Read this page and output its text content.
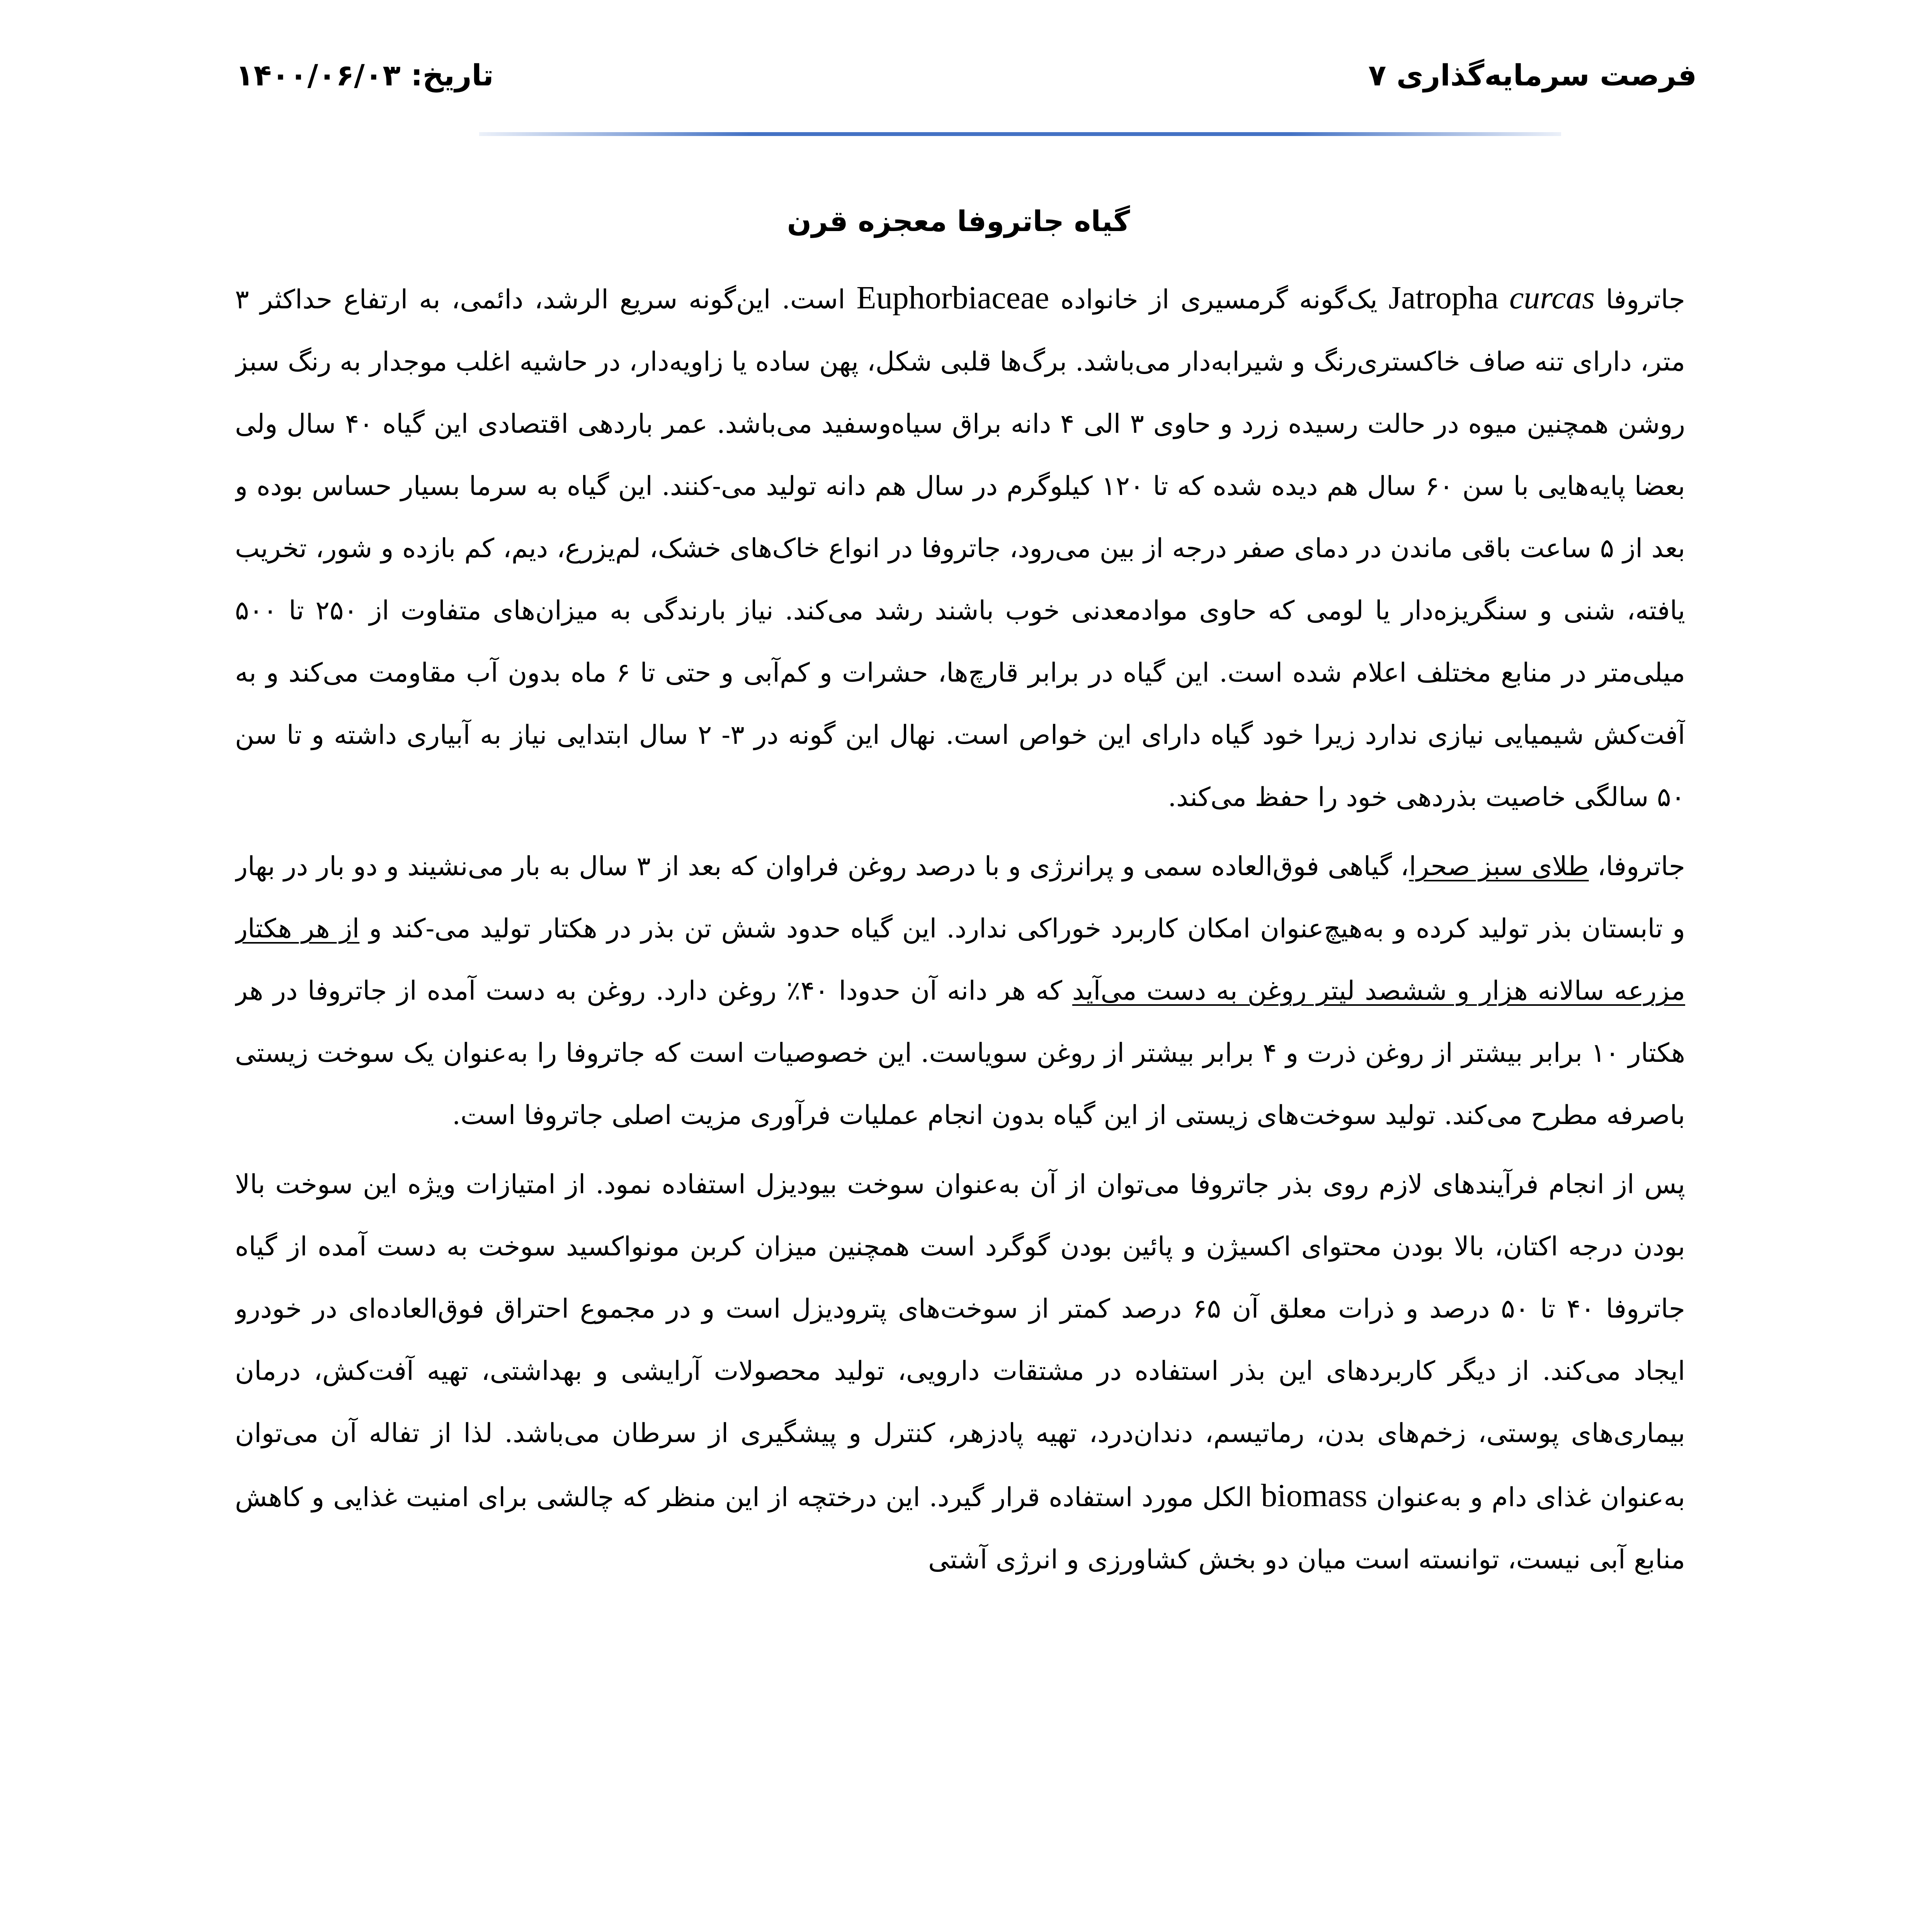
فرصت سرمایه‌گذاری ۷
تاریخ: ۱۴۰۰/۰۶/۰۳
گیاه جاتروفا معجزه قرن

جاتروفا Jatropha curcas یک‌گونه گرمسیری از خانواده Euphorbiaceae است. این‌گونه سریع الرشد، دائمی، به ارتفاع حداکثر ۳ متر، دارای تنه صاف خاکستری‌رنگ و شیرابه‌دار می‌باشد. برگ‌ها قلبی شکل، پهن ساده یا زاویه‌دار، در حاشیه اغلب موجدار به رنگ سبز روشن همچنین میوه در حالت رسیده زرد و حاوی ۳ الی ۴ دانه براق سیاه‌وسفید می‌باشد. عمر باردهی اقتصادی این گیاه ۴۰ سال ولی بعضا پایه‌هایی با سن ۶۰ سال هم دیده شده که تا ۱۲۰ کیلوگرم در سال هم دانه تولید می-کنند. این گیاه به سرما بسیار حساس بوده و بعد از ۵ ساعت باقی ماندن در دمای صفر درجه از بین می‌رود، جاتروفا در انواع خاک‌های خشک، لم‌یزرع، دیم، کم بازده و شور، تخریب یافته، شنی و سنگریزه‌دار یا لومی که حاوی موادمعدنی خوب باشند رشد می‌کند. نیاز بارندگی به میزان‌های متفاوت از ۲۵۰ تا ۵۰۰ میلی‌متر در منابع مختلف اعلام شده است. این گیاه در برابر قارچ‌ها، حشرات و کم‌آبی و حتی تا ۶ ماه بدون آب مقاومت می‌کند و به آفت‌کش شیمیایی نیازی ندارد زیرا خود گیاه دارای این خواص است. نهال این گونه در ۳- ۲ سال ابتدایی نیاز به آبیاری داشته و تا سن ۵۰ سالگی خاصیت بذردهی خود را حفظ می‌کند.

جاتروفا، طلای سبز صحرا، گیاهی فوق‌العاده سمی و پرانرژی و با درصد روغن فراوان که بعد از ۳ سال به بار می‌نشیند و دو بار در بهار و تابستان بذر تولید کرده و به‌هیچ‌عنوان امکان کاربرد خوراکی ندارد. این گیاه حدود شش تن بذر در هکتار تولید می-کند و از هر هکتار مزرعه سالانه هزار و ششصد لیتر روغن به دست می‌آید که هر دانه آن حدودا ۴۰٪ روغن دارد. روغن به دست آمده از جاتروفا در هر هکتار ۱۰ برابر بیشتر از روغن ذرت و ۴ برابر بیشتر از روغن سویاست. این خصوصیات است که جاتروفا را به‌عنوان یک سوخت زیستی باصرفه مطرح می‌کند. تولید سوخت‌های زیستی از این گیاه بدون انجام عملیات فرآوری مزیت اصلی جاتروفا است.

پس از انجام فرآیندهای لازم روی بذر جاتروفا می‌توان از آن به‌عنوان سوخت بیودیزل استفاده نمود. از امتیازات ویژه این سوخت بالا بودن درجه اکتان، بالا بودن محتوای اکسیژن و پائین بودن گوگرد است همچنین میزان کربن مونواکسید سوخت به دست آمده از گیاه جاتروفا ۴۰ تا ۵۰ درصد و ذرات معلق آن ۶۵ درصد کمتر از سوخت‌های پترودیزل است و در مجموع احتراق فوق‌العاده‌ای در خودرو ایجاد می‌کند. از دیگر کاربردهای این بذر استفاده در مشتقات دارویی، تولید محصولات آرایشی و بهداشتی، تهیه آفت‌کش، درمان بیماری‌های پوستی، زخم‌های بدن، رماتیسم، دندان‌درد، تهیه پادزهر، کنترل و پیشگیری از سرطان می‌باشد. لذا از تفاله آن می‌توان به‌عنوان غذای دام و به‌عنوان biomass الکل مورد استفاده قرار گیرد. این درختچه از این منظر که چالشی برای امنیت غذایی و کاهش منابع آبی نیست، توانسته است میان دو بخش کشاورزی و انرژی آشتی
